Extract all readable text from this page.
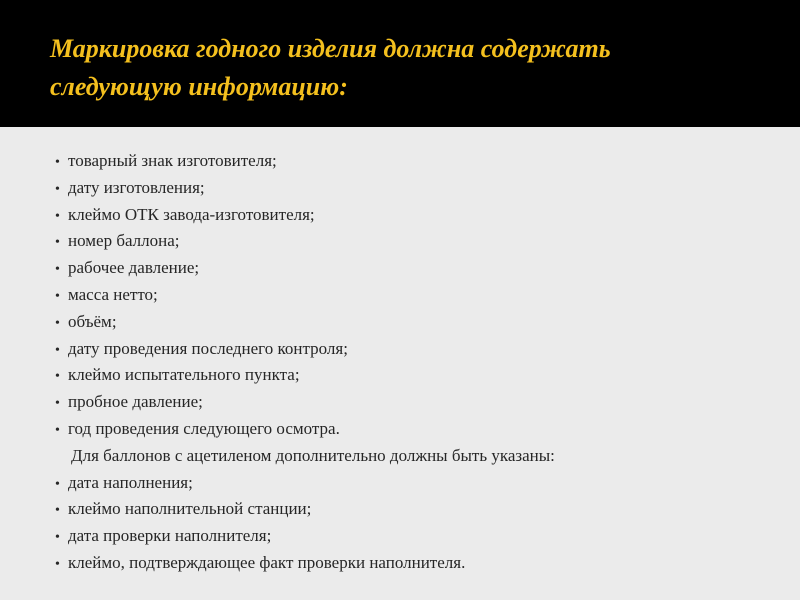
Маркировка годного изделия должна содержать
следующую информацию:
• товарный знак изготовителя;
• дату изготовления;
• клеймо ОТК завода-изготовителя;
• номер баллона;
• рабочее давление;
• масса нетто;
• объём;
• дату проведения последнего контроля;
• клеймо испытательного пункта;
• пробное давление;
• год проведения следующего осмотра.
Для баллонов с ацетиленом дополнительно должны быть указаны:
• дата наполнения;
• клеймо наполнительной станции;
• дата проверки наполнителя;
• клеймо, подтверждающее факт проверки наполнителя.
